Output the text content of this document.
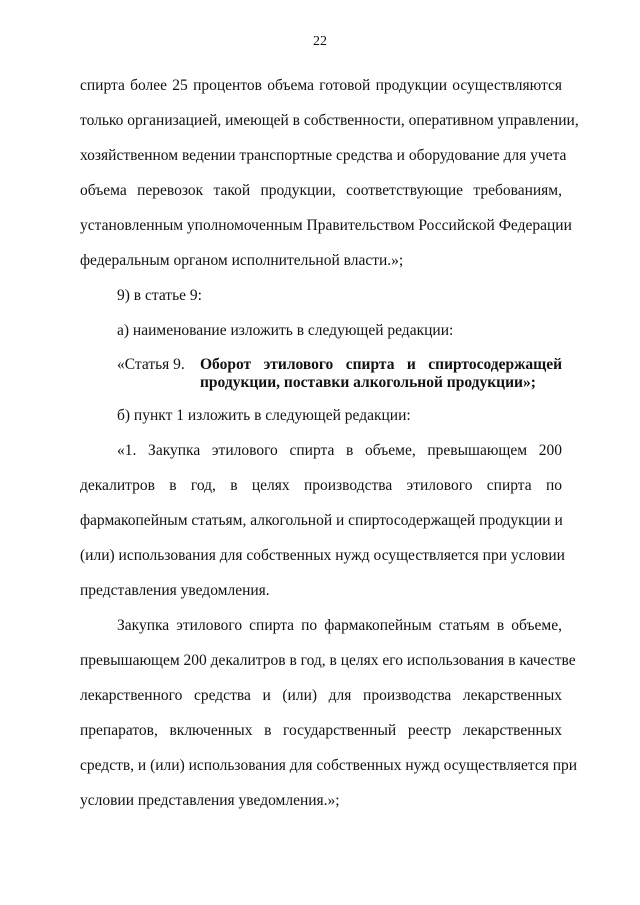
22
спирта более 25 процентов объема готовой продукции осуществляются
только организацией, имеющей в собственности, оперативном управлении,
хозяйственном ведении транспортные средства и оборудование для учета
объема перевозок такой продукции, соответствующие требованиям,
установленным уполномоченным Правительством Российской Федерации
федеральным органом исполнительной власти.»;
9) в статье 9:
а) наименование изложить в следующей редакции:
«Статья 9. Оборот этилового спирта и спиртосодержащей
продукции, поставки алкогольной продукции»;
б) пункт 1 изложить в следующей редакции:
«1. Закупка этилового спирта в объеме, превышающем 200
декалитров в год, в целях производства этилового спирта по
фармакопейным статьям, алкогольной и спиртосодержащей продукции и
(или) использования для собственных нужд осуществляется при условии
представления уведомления.
Закупка этилового спирта по фармакопейным статьям в объеме,
превышающем 200 декалитров в год, в целях его использования в качестве
лекарственного средства и (или) для производства лекарственных
препаратов, включенных в государственный реестр лекарственных
средств, и (или) использования для собственных нужд осуществляется при
условии представления уведомления.»;
